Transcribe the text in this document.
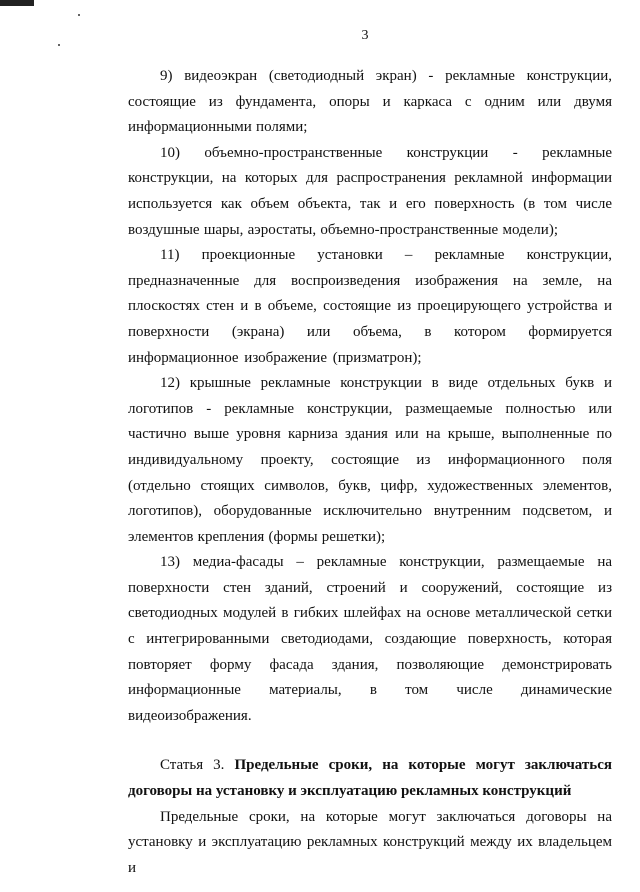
3

9) видеоэкран (светодиодный экран) - рекламные конструкции, состоящие из фундамента, опоры и каркаса с одним или двумя информационными полями;

10) объемно-пространственные конструкции - рекламные конструкции, на которых для распространения рекламной информации используется как объем объекта, так и его поверхность (в том числе воздушные шары, аэростаты, объемно-пространственные модели);

11) проекционные установки – рекламные конструкции, предназначенные для воспроизведения изображения на земле, на плоскостях стен и в объеме, состоящие из проецирующего устройства и поверхности (экрана) или объема, в котором формируется информационное изображение (призматрон);

12) крышные рекламные конструкции в виде отдельных букв и логотипов - рекламные конструкции, размещаемые полностью или частично выше уровня карниза здания или на крыше, выполненные по индивидуальному проекту, состоящие из информационного поля (отдельно стоящих символов, букв, цифр, художественных элементов, логотипов), оборудованные исключительно внутренним подсветом, и элементов крепления (формы решетки);

13) медиа-фасады – рекламные конструкции, размещаемые на поверхности стен зданий, строений и сооружений, состоящие из светодиодных модулей в гибких шлейфах на основе металлической сетки с интегрированными светодиодами, создающие поверхность, которая повторяет форму фасада здания, позволяющие демонстрировать информационные материалы, в том числе динамические видеоизображения.

Статья 3. Предельные сроки, на которые могут заключаться договоры на установку и эксплуатацию рекламных конструкций

Предельные сроки, на которые могут заключаться договоры на установку и эксплуатацию рекламных конструкций между их владельцем и
